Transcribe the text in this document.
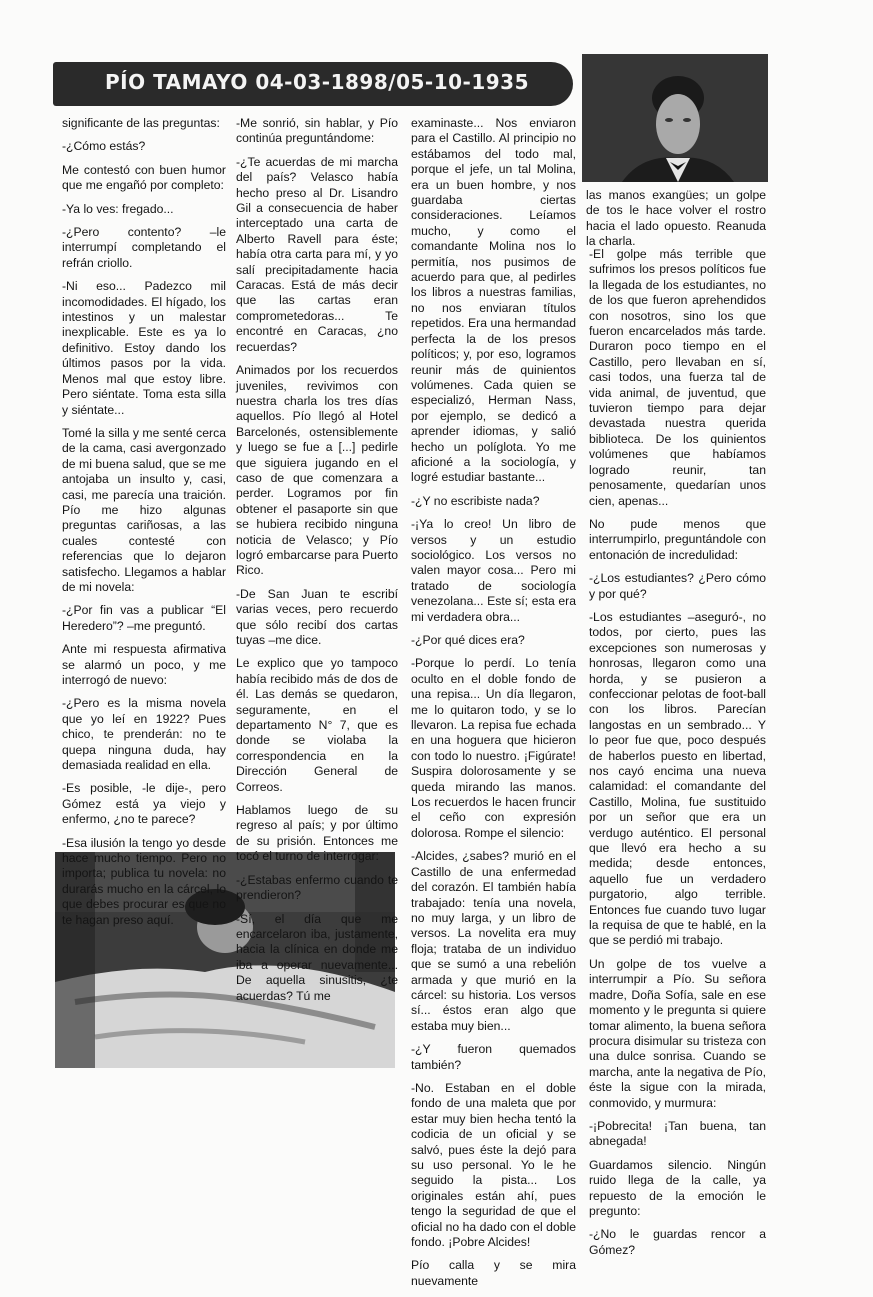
PÍO TAMAYO 04-03-1898/05-10-1935

significante de las preguntas:

-¿Cómo estás?

Me contestó con buen humor que me engañó por completo:

-Ya lo ves: fregado...

-¿Pero contento? –le interrumpí completando el refrán criollo.

-Ni eso... Padezco mil incomodidades. El hígado, los intestinos y un malestar inexplicable. Este es ya lo definitivo. Estoy dando los últimos pasos por la vida. Menos mal que estoy libre. Pero siéntate. Toma esta silla y siéntate...

Tomé la silla y me senté cerca de la cama, casi avergonzado de mi buena salud, que se me antojaba un insulto y, casi, casi, me parecía una traición. Pío me hizo algunas preguntas cariñosas, a las cuales contesté con referencias que lo dejaron satisfecho. Llegamos a hablar de mi novela:

-¿Por fin vas a publicar “El Heredero”? –me preguntó.

Ante mi respuesta afirmativa se alarmó un poco, y me interrogó de nuevo:

-¿Pero es la misma novela que yo leí en 1922? Pues chico, te prenderán: no te quepa ninguna duda, hay demasiada realidad en ella.

-Es posible, -le dije-, pero Gómez está ya viejo y enfermo, ¿no te parece?

-Esa ilusión la tengo yo desde hace mucho tiempo. Pero no importa; publica tu novela: no durarás mucho en la cárcel, lo que debes procurar es que no te hagan preso aquí.

-Me sonrió, sin hablar, y Pío continúa preguntándome:

-¿Te acuerdas de mi marcha del país? Velasco había hecho preso al Dr. Lisandro Gil a consecuencia de haber interceptado una carta de Alberto Ravell para éste; había otra carta para mí, y yo salí precipitadamente hacia Caracas. Está de más decir que las cartas eran comprometedoras... Te encontré en Caracas, ¿no recuerdas?

Animados por los recuerdos juveniles, revivimos con nuestra charla los tres días aquellos. Pío llegó al Hotel Barcelonés, ostensiblemente y luego se fue a [...] pedirle que siguiera jugando en el caso de que comenzara a perder. Logramos por fin obtener el pasaporte sin que se hubiera recibido ninguna noticia de Velasco; y Pío logró embarcarse para Puerto Rico.

-De San Juan te escribí varias veces, pero recuerdo que sólo recibí dos cartas tuyas –me dice.

Le explico que yo tampoco había recibido más de dos de él. Las demás se quedaron, seguramente, en el departamento N° 7, que es donde se violaba la correspondencia en la Dirección General de Correos.

Hablamos luego de su regreso al país; y por último de su prisión. Entonces me tocó el turno de interrogar:

-¿Estabas enfermo cuando te prendieron?

-Sí, el día que me encarcelaron iba, justamente, hacia la clínica en donde me iba a operar nuevamente... De aquella sinusitis, ¿te acuerdas? Tú me

examinaste... Nos enviaron para el Castillo. Al principio no estábamos del todo mal, porque el jefe, un tal Molina, era un buen hombre, y nos guardaba ciertas consideraciones. Leíamos mucho, y como el comandante Molina nos lo permitía, nos pusimos de acuerdo para que, al pedirles los libros a nuestras familias, no nos enviaran títulos repetidos. Era una hermandad perfecta la de los presos políticos; y, por eso, logramos reunir más de quinientos volúmenes. Cada quien se especializó, Herman Nass, por ejemplo, se dedicó a aprender idiomas, y salió hecho un políglota. Yo me aficioné a la sociología, y logré estudiar bastante...

-¿Y no escribiste nada?

-¡Ya lo creo! Un libro de versos y un estudio sociológico. Los versos no valen mayor cosa... Pero mi tratado de sociología venezolana... Este sí; esta era mi verdadera obra...

-¿Por qué dices era?

-Porque lo perdí. Lo tenía oculto en el doble fondo de una repisa... Un día llegaron, me lo quitaron todo, y se lo llevaron. La repisa fue echada en una hoguera que hicieron con todo lo nuestro. ¡Figúrate! Suspira dolorosamente y se queda mirando las manos. Los recuerdos le hacen fruncir el ceño con expresión dolorosa. Rompe el silencio:

-Alcides, ¿sabes? murió en el Castillo de una enfermedad del corazón. El también había trabajado: tenía una novela, no muy larga, y un libro de versos. La novelita era muy floja; trataba de un individuo que se sumó a una rebelión armada y que murió en la cárcel: su historia. Los versos sí... éstos eran algo que estaba muy bien...

-¿Y fueron quemados también?

-No. Estaban en el doble fondo de una maleta que por estar muy bien hecha tentó la codicia de un oficial y se salvó, pues éste la dejó para su uso personal. Yo le he seguido la pista... Los originales están ahí, pues tengo la seguridad de que el oficial no ha dado con el doble fondo. ¡Pobre Alcides!

Pío calla y se mira nuevamente

las manos exangües; un golpe de tos le hace volver el rostro hacia el lado opuesto. Reanuda la charla.

-El golpe más terrible que sufrimos los presos políticos fue la llegada de los estudiantes, no de los que fueron aprehendidos con nosotros, sino los que fueron encarcelados más tarde. Duraron poco tiempo en el Castillo, pero llevaban en sí, casi todos, una fuerza tal de vida animal, de juventud, que tuvieron tiempo para dejar devastada nuestra querida biblioteca. De los quinientos volúmenes que habíamos logrado reunir, tan penosamente, quedarían unos cien, apenas...

No pude menos que interrumpirlo, preguntándole con entonación de incredulidad:

-¿Los estudiantes? ¿Pero cómo y por qué?

-Los estudiantes –aseguró-, no todos, por cierto, pues las excepciones son numerosas y honrosas, llegaron como una horda, y se pusieron a confeccionar pelotas de foot-ball con los libros. Parecían langostas en un sembrado... Y lo peor fue que, poco después de haberlos puesto en libertad, nos cayó encima una nueva calamidad: el comandante del Castillo, Molina, fue sustituido por un señor que era un verdugo auténtico. El personal que llevó era hecho a su medida; desde entonces, aquello fue un verdadero purgatorio, algo terrible. Entonces fue cuando tuvo lugar la requisa de que te hablé, en la que se perdió mi trabajo.

Un golpe de tos vuelve a interrumpir a Pío. Su señora madre, Doña Sofía, sale en ese momento y le pregunta si quiere tomar alimento, la buena señora procura disimular su tristeza con una dulce sonrisa. Cuando se marcha, ante la negativa de Pío, éste la sigue con la mirada, conmovido, y murmura:

-¡Pobrecita! ¡Tan buena, tan abnegada!

Guardamos silencio. Ningún ruido llega de la calle, ya repuesto de la emoción le pregunto:

-¿No le guardas rencor a Gómez?
